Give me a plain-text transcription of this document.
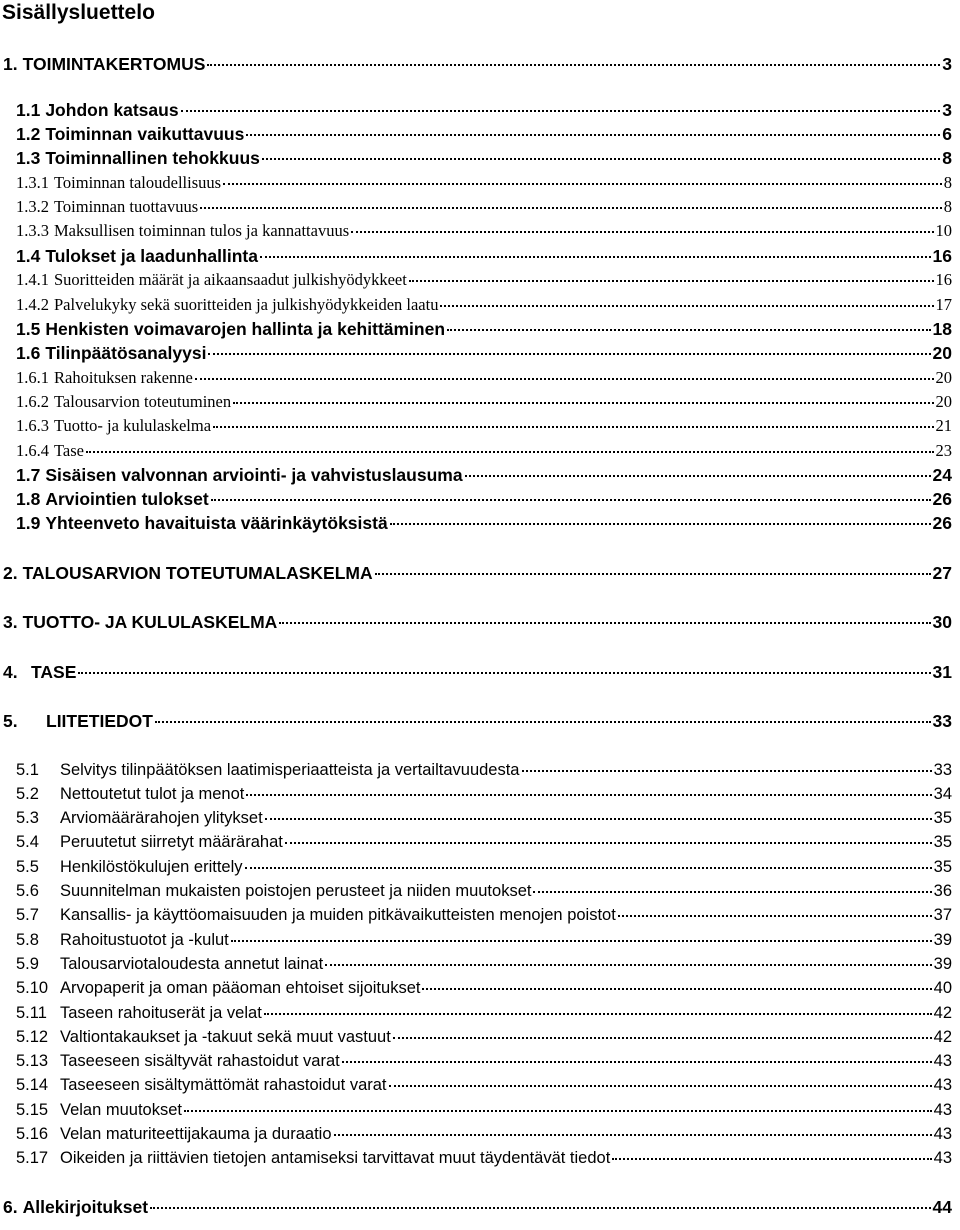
Sisällysluettelo
1. TOIMINTAKERTOMUS	3
1.1 Johdon katsaus	3
1.2 Toiminnan vaikuttavuus	6
1.3 Toiminnallinen tehokkuus	8
1.3.1 Toiminnan taloudellisuus	8
1.3.2 Toiminnan tuottavuus	8
1.3.3 Maksullisen toiminnan tulos ja kannattavuus	10
1.4 Tulokset ja laadunhallinta	16
1.4.1 Suoritteiden määrät ja aikaansaadut julkishyödykkeet	16
1.4.2 Palvelukyky sekä suoritteiden ja julkishyödykkeiden laatu	17
1.5 Henkisten voimavarojen hallinta ja kehittäminen	18
1.6 Tilinpäätösanalyysi	20
1.6.1 Rahoituksen rakenne	20
1.6.2 Talousarvion toteutuminen	20
1.6.3 Tuotto- ja kululaskelma	21
1.6.4 Tase	23
1.7 Sisäisen valvonnan arviointi- ja vahvistuslausuma	24
1.8 Arviointien tulokset	26
1.9 Yhteenveto havaituista väärinkäytöksistä	26
2. TALOUSARVION TOTEUTUMALASKELMA	27
3. TUOTTO- JA KULULASKELMA	30
4. TASE	31
5.	LIITETIEDOT	33
5.1	Selvitys tilinpäätöksen laatimisperiaatteista ja vertailtavuudesta	33
5.2	Nettoutetut tulot ja menot	34
5.3	Arviomäärärahojen ylitykset	35
5.4	Peruutetut siirretyt määrärahat	35
5.5	Henkilöstökulujen erittely	35
5.6	Suunnitelman mukaisten poistojen perusteet ja niiden muutokset	36
5.7	Kansallis- ja käyttöomaisuuden ja muiden pitkävaikutteisten menojen poistot	37
5.8	Rahoitustuotot ja -kulut	39
5.9	Talousarviotaloudesta annetut lainat	39
5.10 Arvopaperit ja oman pääoman ehtoiset sijoitukset	40
5.11 Taseen rahoituserät ja velat	42
5.12 Valtiontakaukset ja -takuut sekä muut vastuut	42
5.13 Taseeseen sisältyvät rahastoidut varat	43
5.14 Taseeseen sisältymättömät rahastoidut varat	43
5.15 Velan muutokset	43
5.16 Velan maturiteettijakauma ja duraatio	43
5.17 Oikeiden ja riittävien tietojen antamiseksi tarvittavat muut täydentävät tiedot	43
6. Allekirjoitukset	44
